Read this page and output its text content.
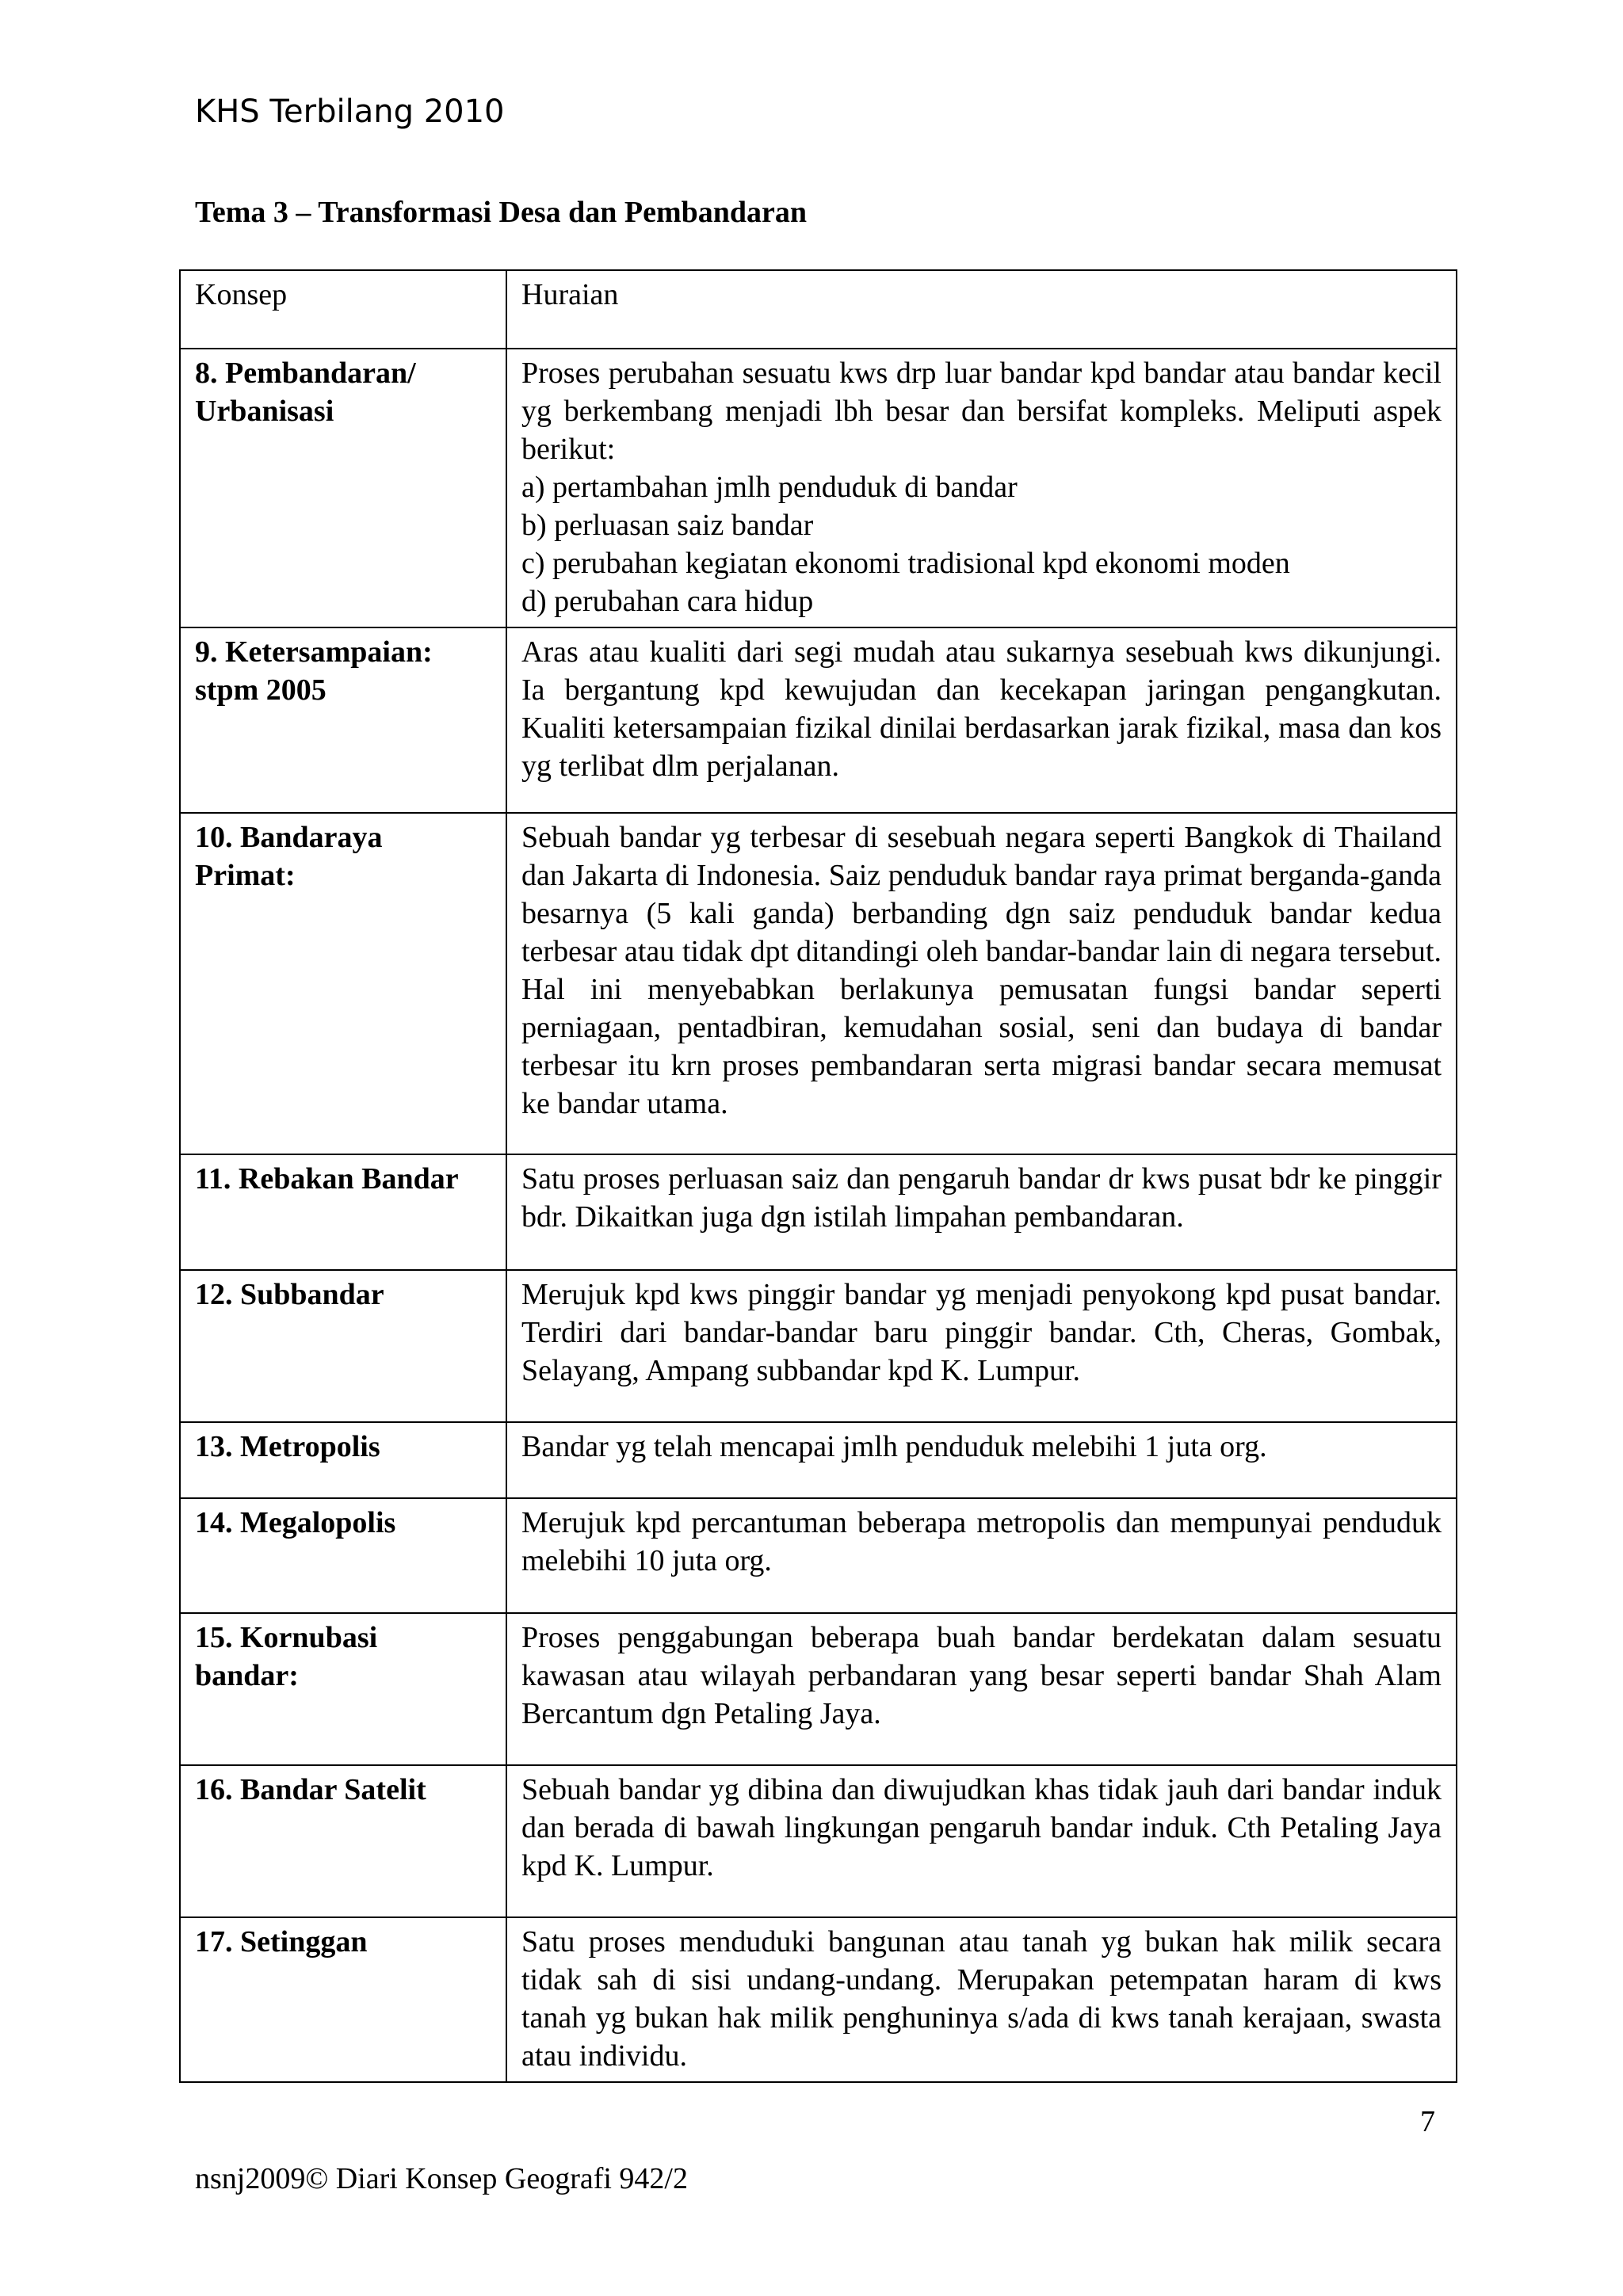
KHS Terbilang 2010
Tema 3 – Transformasi Desa dan Pembandaran
Konsep	Huraian
8. Pembandaran/
Urbanisasi	Proses perubahan sesuatu kws drp luar bandar kpd bandar atau bandar kecil yg berkembang menjadi lbh besar dan bersifat kompleks. Meliputi aspek berikut:
a) pertambahan jmlh penduduk di bandar
b) perluasan saiz bandar
c) perubahan kegiatan ekonomi tradisional kpd ekonomi moden
d) perubahan cara hidup
9. Ketersampaian:
stpm 2005	Aras atau kualiti dari segi mudah atau sukarnya sesebuah kws dikunjungi. Ia bergantung kpd kewujudan dan kecekapan jaringan pengangkutan. Kualiti ketersampaian fizikal dinilai berdasarkan jarak fizikal, masa dan kos yg terlibat dlm perjalanan.
10. Bandaraya
Primat:	Sebuah bandar yg terbesar di sesebuah negara seperti Bangkok di Thailand dan Jakarta di Indonesia. Saiz penduduk bandar raya primat berganda-ganda besarnya (5 kali ganda) berbanding dgn saiz penduduk bandar kedua terbesar atau tidak dpt ditandingi oleh bandar-bandar lain di negara tersebut. Hal ini menyebabkan berlakunya pemusatan fungsi bandar seperti perniagaan, pentadbiran, kemudahan sosial, seni dan budaya di bandar terbesar itu krn proses pembandaran serta migrasi bandar secara memusat ke bandar utama.
11. Rebakan Bandar	Satu proses perluasan saiz dan pengaruh bandar dr kws pusat bdr ke pinggir bdr. Dikaitkan juga dgn istilah limpahan pembandaran.
12. Subbandar	Merujuk kpd kws pinggir bandar yg menjadi penyokong kpd pusat bandar. Terdiri dari bandar-bandar baru pinggir bandar. Cth, Cheras, Gombak, Selayang, Ampang subbandar kpd K. Lumpur.
13. Metropolis	Bandar yg telah mencapai jmlh penduduk melebihi 1 juta org.
14. Megalopolis	Merujuk kpd percantuman beberapa metropolis dan mempunyai penduduk melebihi 10 juta org.
15. Kornubasi
bandar:	Proses penggabungan beberapa buah bandar berdekatan dalam sesuatu kawasan atau wilayah perbandaran yang besar seperti bandar Shah Alam Bercantum dgn Petaling Jaya.
16. Bandar Satelit	Sebuah bandar yg dibina dan diwujudkan khas tidak jauh dari bandar induk dan berada di bawah lingkungan pengaruh bandar induk. Cth Petaling Jaya kpd K. Lumpur.
17. Setinggan	Satu proses menduduki bangunan atau tanah yg bukan hak milik secara tidak sah di sisi undang-undang. Merupakan petempatan haram di kws tanah yg bukan hak milik penghuninya s/ada di kws tanah kerajaan, swasta atau individu.
7
nsnj2009© Diari Konsep Geografi 942/2
